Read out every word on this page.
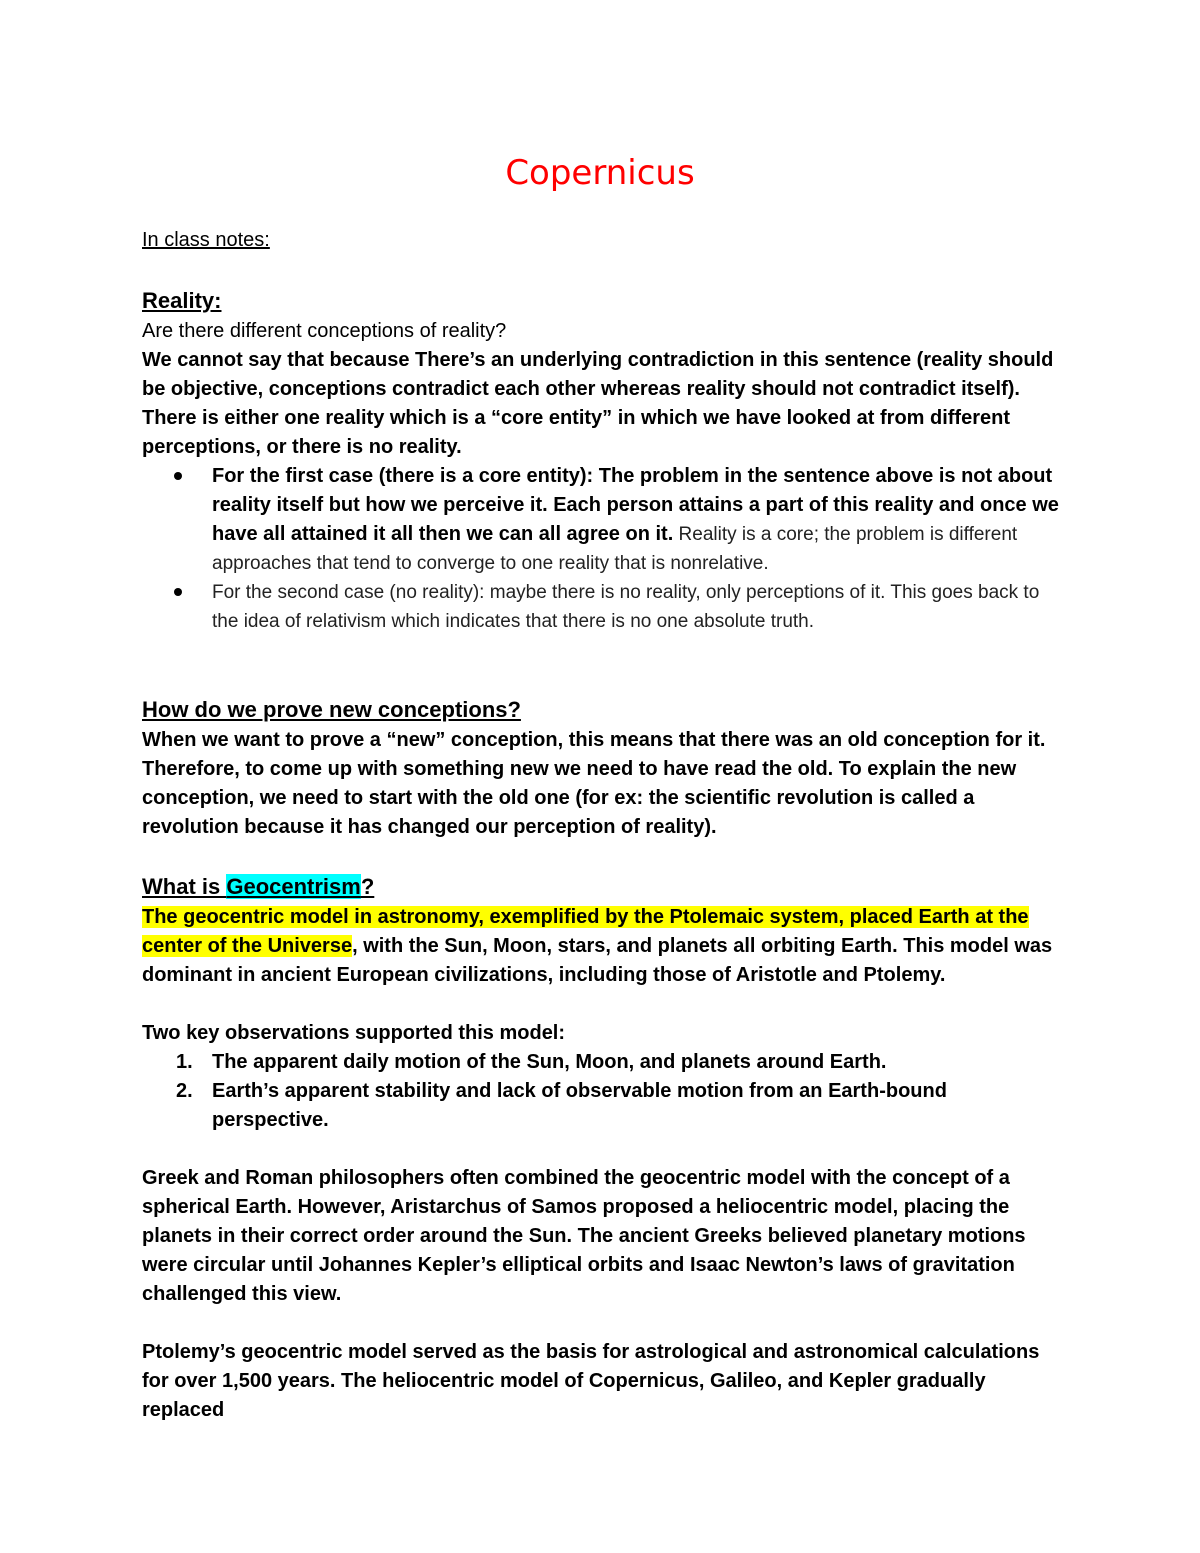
Copernicus

In class notes:

Reality:

Are there different conceptions of reality?

We cannot say that because There’s an underlying contradiction in this sentence (reality should be objective, conceptions contradict each other whereas reality should not contradict itself). There is either one reality which is a “core entity” in which we have looked at from different perceptions, or there is no reality.

For the first case (there is a core entity): The problem in the sentence above is not about reality itself but how we perceive it. Each person attains a part of this reality and once we have all attained it all then we can all agree on it. Reality is a core; the problem is different approaches that tend to converge to one reality that is nonrelative.
For the second case (no reality): maybe there is no reality, only perceptions of it. This goes back to the idea of relativism which indicates that there is no one absolute truth.
How do we prove new conceptions?

When we want to prove a “new” conception, this means that there was an old conception for it. Therefore, to come up with something new we need to have read the old. To explain the new conception, we need to start with the old one (for ex: the scientific revolution is called a revolution because it has changed our perception of reality).

What is Geocentrism?

The geocentric model in astronomy, exemplified by the Ptolemaic system, placed Earth at the center of the Universe, with the Sun, Moon, stars, and planets all orbiting Earth. This model was dominant in ancient European civilizations, including those of Aristotle and Ptolemy.

Two key observations supported this model:

1. The apparent daily motion of the Sun, Moon, and planets around Earth.
2. Earth’s apparent stability and lack of observable motion from an Earth-bound perspective.

Greek and Roman philosophers often combined the geocentric model with the concept of a spherical Earth. However, Aristarchus of Samos proposed a heliocentric model, placing the planets in their correct order around the Sun. The ancient Greeks believed planetary motions were circular until Johannes Kepler’s elliptical orbits and Isaac Newton’s laws of gravitation challenged this view.

Ptolemy’s geocentric model served as the basis for astrological and astronomical calculations for over 1,500 years. The heliocentric model of Copernicus, Galileo, and Kepler gradually replaced
